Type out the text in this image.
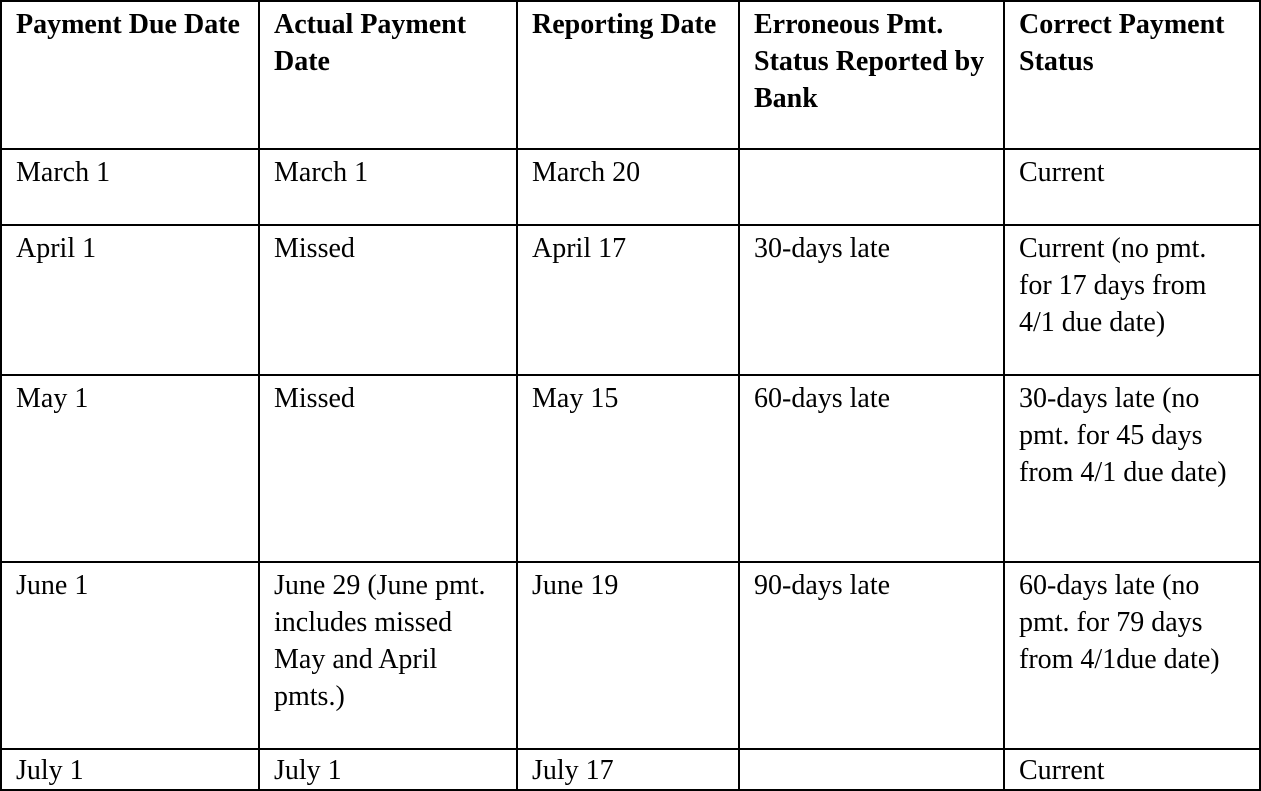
Payment Due Date	Actual Payment Date	Reporting Date	Erroneous Pmt. Status Reported by Bank	Correct Payment Status
March 1	March 1	March 20		Current
April 1	Missed	April 17	30-days late	Current (no pmt. for 17 days from 4/1 due date)
May 1	Missed	May 15	60-days late	30-days late (no pmt. for 45 days from 4/1 due date)
June 1	June 29 (June pmt. includes missed May and April pmts.)	June 19	90-days late	60-days late (no pmt. for 79 days from 4/1due date)
July 1	July 1	July 17		Current
